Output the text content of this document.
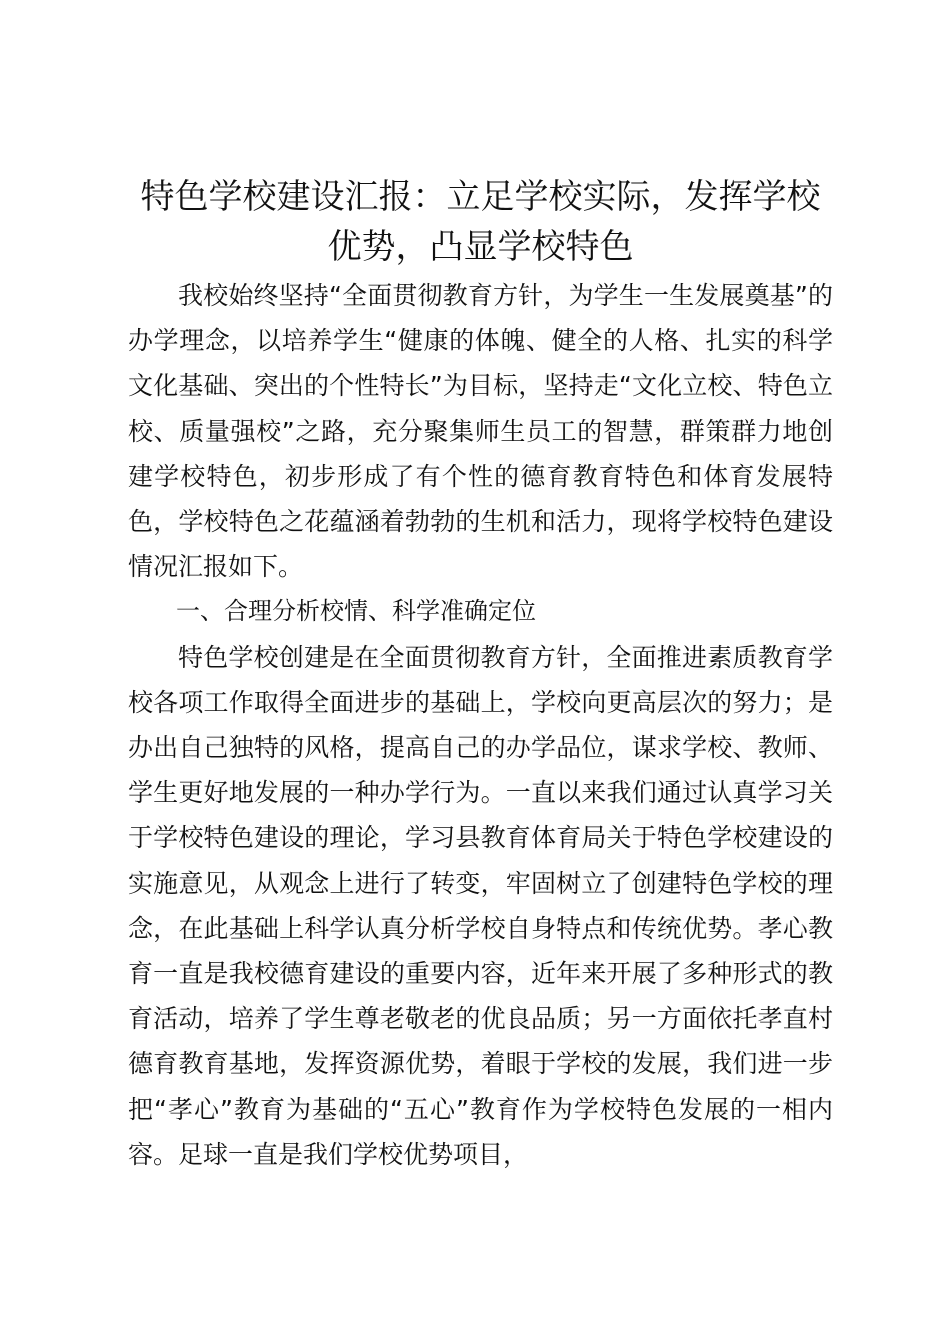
特色学校建设汇报：立足学校实际，发挥学校优势，凸显学校特色

我校始终坚持“全面贯彻教育方针，为学生一生发展奠基”的办学理念，以培养学生“健康的体魄、健全的人格、扎实的科学文化基础、突出的个性特长”为目标，坚持走“文化立校、特色立校、质量强校”之路，充分聚集师生员工的智慧，群策群力地创建学校特色，初步形成了有个性的德育教育特色和体育发展特色，学校特色之花蕴涵着勃勃的生机和活力，现将学校特色建设情况汇报如下。

一、合理分析校情、科学准确定位

特色学校创建是在全面贯彻教育方针，全面推进素质教育学校各项工作取得全面进步的基础上，学校向更高层次的努力；是办出自己独特的风格，提高自己的办学品位，谋求学校、教师、学生更好地发展的一种办学行为。一直以来我们通过认真学习关于学校特色建设的理论，学习县教育体育局关于特色学校建设的实施意见，从观念上进行了转变，牢固树立了创建特色学校的理念，在此基础上科学认真分析学校自身特点和传统优势。孝心教育一直是我校德育建设的重要内容，近年来开展了多种形式的教育活动，培养了学生尊老敬老的优良品质；另一方面依托孝直村德育教育基地，发挥资源优势，着眼于学校的发展，我们进一步把“孝心”教育为基础的“五心”教育作为学校特色发展的一相内容。足球一直是我们学校优势项目，
